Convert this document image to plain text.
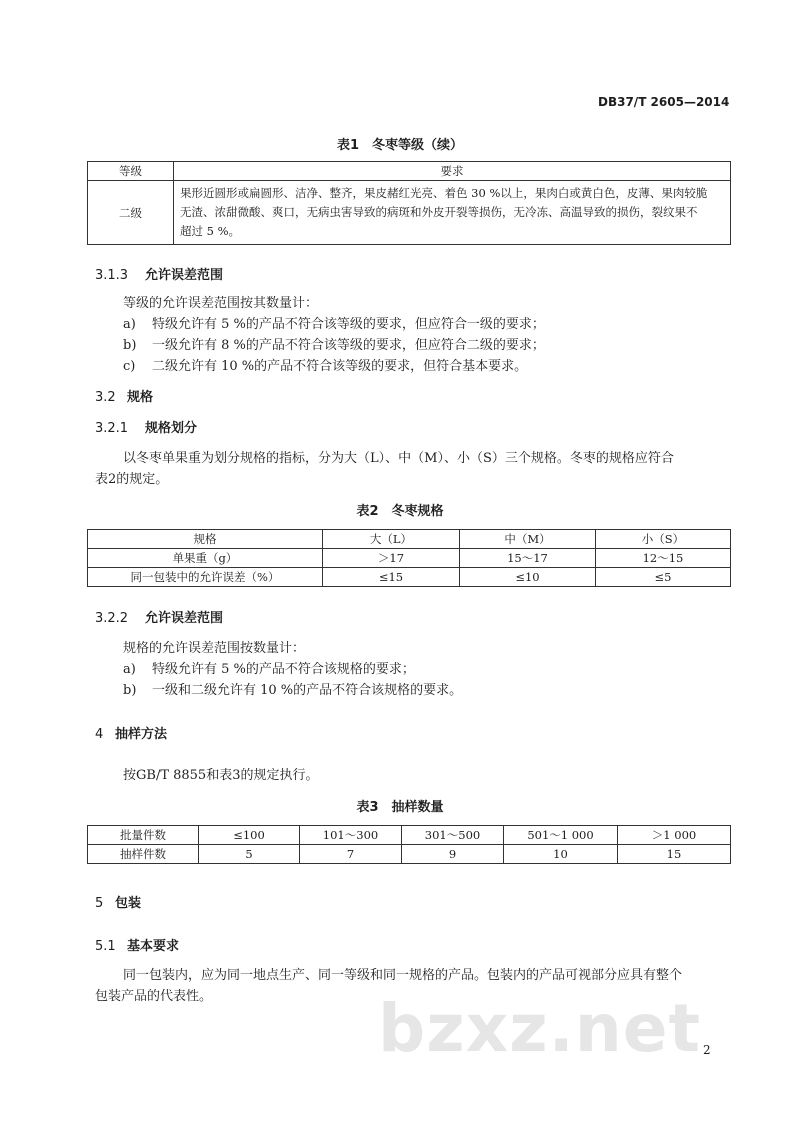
DB37/T 2605—2014
表1　冬枣等级（续）
等级	要求
二级	果形近圆形或扁圆形、洁净、整齐，果皮赭红光亮、着色 30 %以上，果肉白或黄白色，皮薄、果肉较脆
无渣、浓甜微酸、爽口，无病虫害导致的病斑和外皮开裂等损伤，无冷冻、高温导致的损伤，裂纹果不
超过 5 %。
3.1.3 允许误差范围
等级的允许误差范围按其数量计：
a) 特级允许有 5 %的产品不符合该等级的要求，但应符合一级的要求；
b) 一级允许有 8 %的产品不符合该等级的要求，但应符合二级的要求；
c) 二级允许有 10 %的产品不符合该等级的要求，但符合基本要求。
3.2 规格
3.2.1 规格划分
以冬枣单果重为划分规格的指标，分为大（L）、中（M）、小（S）三个规格。冬枣的规格应符合
表2的规定。
表2　冬枣规格
规格	大（L）	中（M）	小（S）
单果重（g）	＞17	15～17	12～15
同一包装中的允许误差（%）	≤15	≤10	≤5
3.2.2 允许误差范围
规格的允许误差范围按数量计：
a) 特级允许有 5 %的产品不符合该规格的要求；
b) 一级和二级允许有 10 %的产品不符合该规格的要求。
4 抽样方法
按GB/T 8855和表3的规定执行。
表3　抽样数量
批量件数	≤100	101～300	301～500	501～1 000	＞1 000
抽样件数	5	7	9	10	15
5 包装
5.1 基本要求
同一包装内，应为同一地点生产、同一等级和同一规格的产品。包装内的产品可视部分应具有整个
包装产品的代表性。	bzxz.net 2
